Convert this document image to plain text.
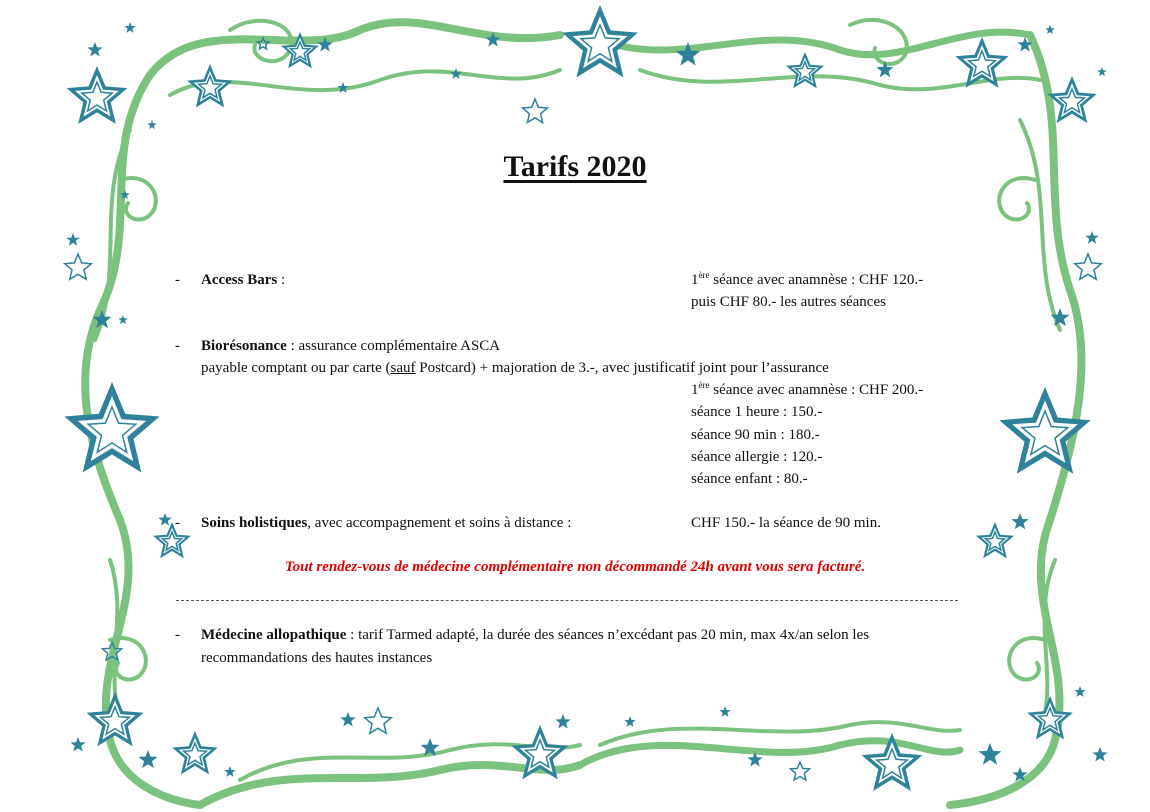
Tarifs 2020
- Access Bars :	1ère séance avec anamnèse : CHF 120.-
puis CHF 80.- les autres séances
- Biorésonance : assurance complémentaire ASCA
payable comptant ou par carte (sauf Postcard) + majoration de 3.-, avec justificatif joint pour l’assurance
1ère séance avec anamnèse : CHF 200.-
séance 1 heure : 150.-
séance 90 min : 180.-
séance allergie : 120.-
séance enfant : 80.-
- Soins holistiques, avec accompagnement et soins à distance :	CHF 150.- la séance de 90 min.
Tout rendez-vous de médecine complémentaire non décommandé 24h avant vous sera facturé.
- Médecine allopathique : tarif Tarmed adapté, la durée des séances n’excédant pas 20 min, max 4x/an selon les
recommandations des hautes instances
